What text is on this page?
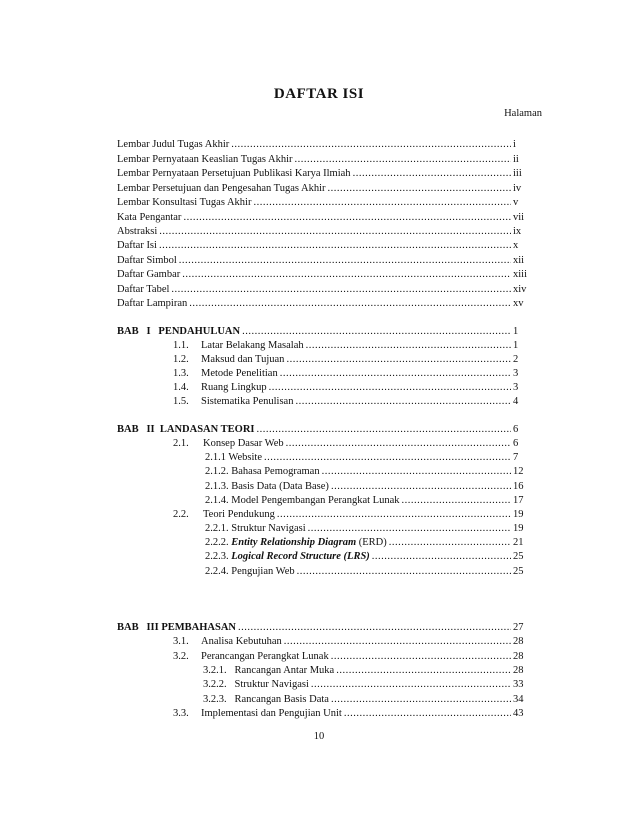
DAFTAR ISI
Halaman
Lembar Judul Tugas Akhir .....	i
Lembar Pernyataan Keaslian Tugas Akhir .....	ii
Lembar Pernyataan Persetujuan Publikasi Karya Ilmiah .....	iii
Lembar Persetujuan dan Pengesahan Tugas Akhir .....	iv
Lembar Konsultasi Tugas Akhir .....	v
Kata Pengantar .....	vii
Abstraksi .....	ix
Daftar Isi .....	x
Daftar Simbol .....	xii
Daftar Gambar .....	xiii
Daftar Tabel .....	xiv
Daftar Lampiran .....	xv
BAB   I   PENDAHULUAN .....	1
1.1.	Latar Belakang Masalah .....	1
1.2.	Maksud dan Tujuan .....	2
1.3.	Metode Penelitian .....	3
1.4.	Ruang Lingkup .....	3
1.5.	Sistematika Penulisan .....	4
BAB   II  LANDASAN TEORI .....	6
2.1.	Konsep Dasar Web .....	6
2.1.1 Website .....	7
2.1.2. Bahasa Pemograman .....	12
2.1.3. Basis Data (Data Base) .....	16
2.1.4. Model Pengembangan Perangkat Lunak .....	17
2.2.	Teori Pendukung .....	19
2.2.1. Struktur Navigasi .....	19
2.2.2. Entity Relationship Diagram (ERD) .....	21
2.2.3. Logical Record Structure (LRS) .....	25
2.2.4. Pengujian Web .....	25
BAB   III PEMBAHASAN .....	27
3.1.	Analisa Kebutuhan .....	28
3.2.	Perancangan Perangkat Lunak .....	28
3.2.1.   Rancangan Antar Muka .....	28
3.2.2.   Struktur Navigasi .....	33
3.2.3.   Rancangan Basis Data .....	34
3.3.	Implementasi dan Pengujian Unit .....	43
10
